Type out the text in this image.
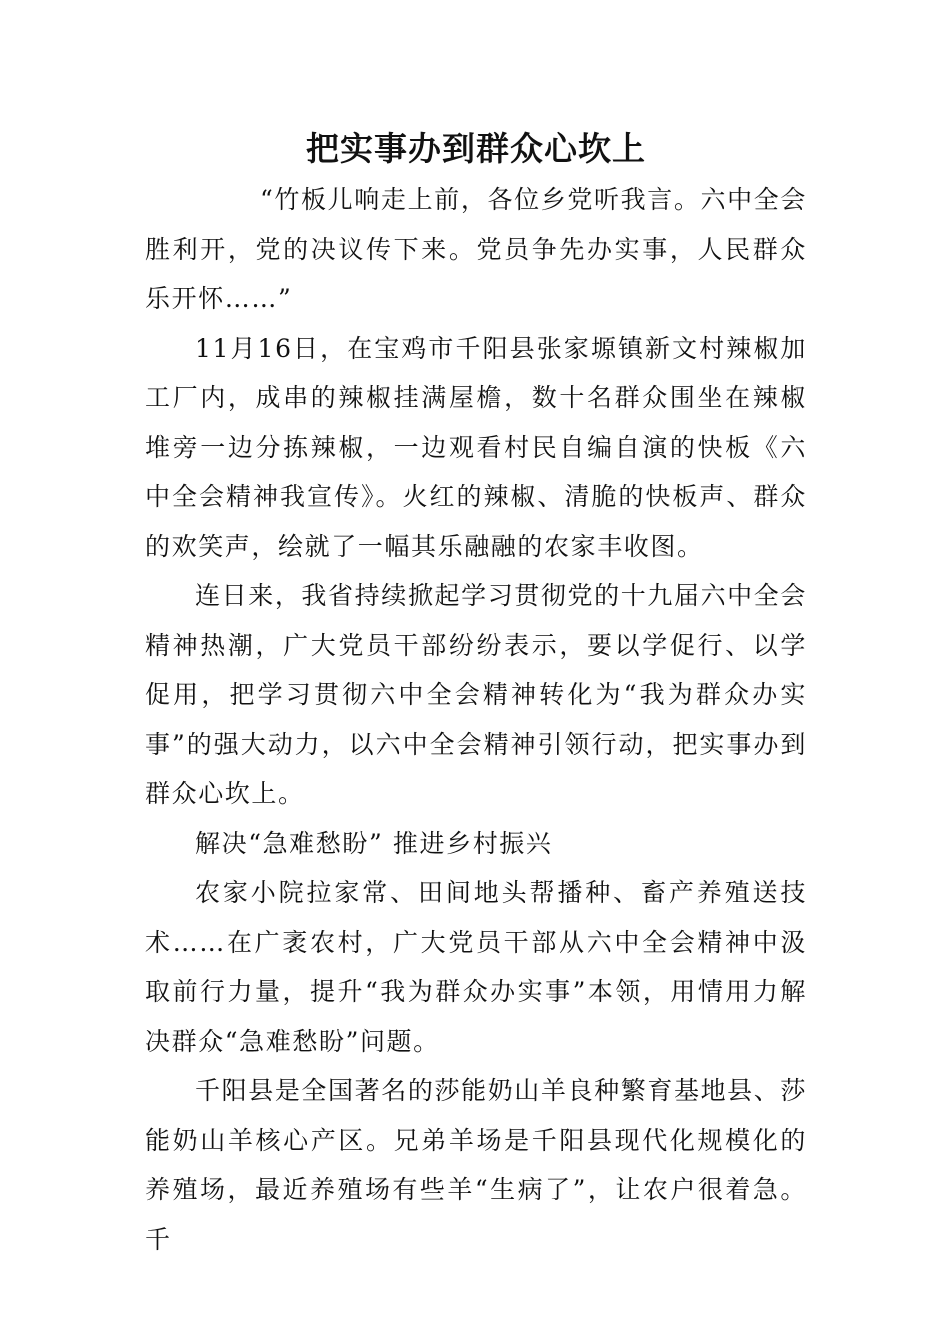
把实事办到群众心坎上

“竹板儿响走上前，各位乡党听我言。六中全会胜利开，党的决议传下来。党员争先办实事，人民群众乐开怀……”

11月16日，在宝鸡市千阳县张家塬镇新文村辣椒加工厂内，成串的辣椒挂满屋檐，数十名群众围坐在辣椒堆旁一边分拣辣椒，一边观看村民自编自演的快板《六中全会精神我宣传》。火红的辣椒、清脆的快板声、群众的欢笑声，绘就了一幅其乐融融的农家丰收图。

连日来，我省持续掀起学习贯彻党的十九届六中全会精神热潮，广大党员干部纷纷表示，要以学促行、以学促用，把学习贯彻六中全会精神转化为“我为群众办实事”的强大动力，以六中全会精神引领行动，把实事办到群众心坎上。

解决“急难愁盼” 推进乡村振兴

农家小院拉家常、田间地头帮播种、畜产养殖送技术……在广袤农村，广大党员干部从六中全会精神中汲取前行力量，提升“我为群众办实事”本领，用情用力解决群众“急难愁盼”问题。

千阳县是全国著名的莎能奶山羊良种繁育基地县、莎能奶山羊核心产区。兄弟羊场是千阳县现代化规模化的养殖场，最近养殖场有些羊“生病了”，让农户很着急。千
